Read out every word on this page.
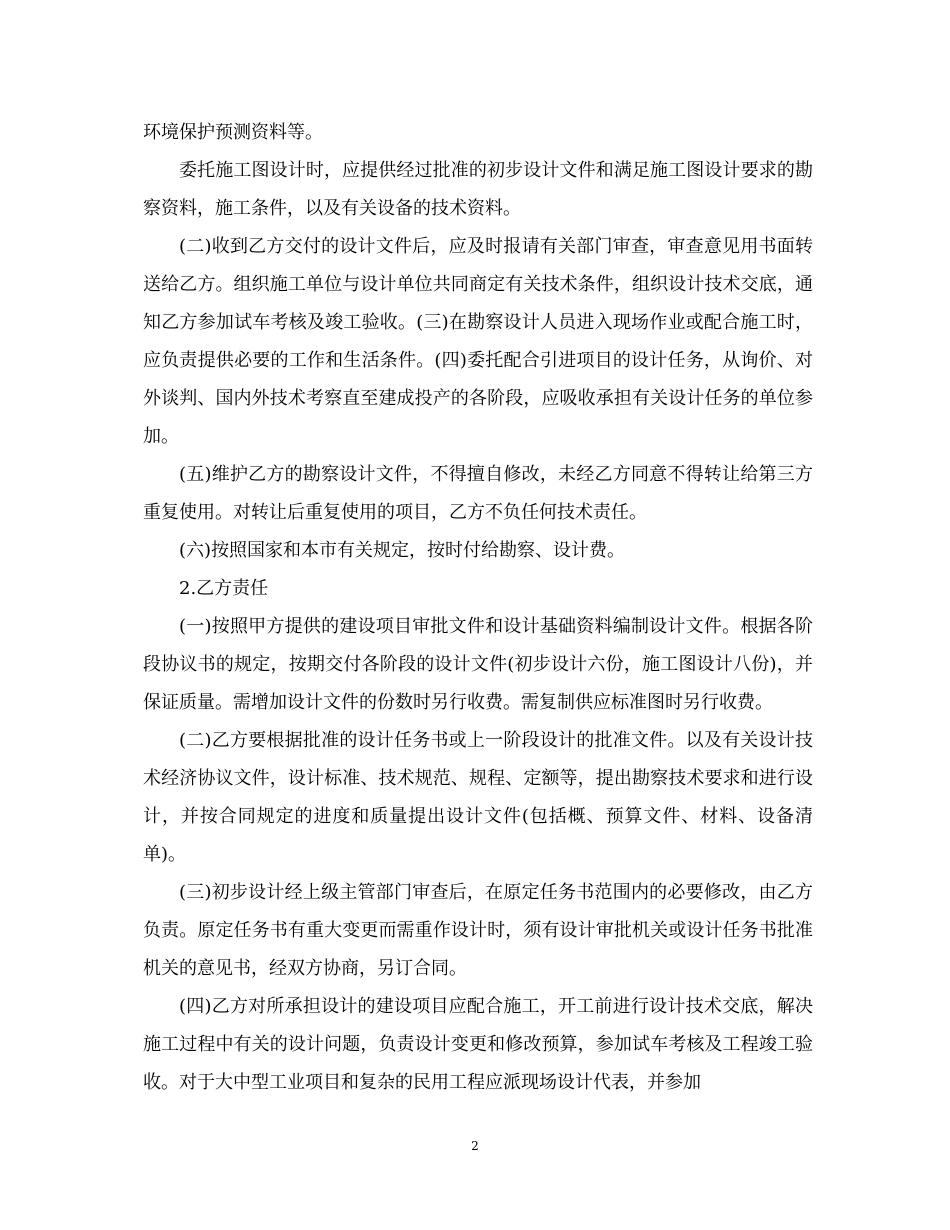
环境保护预测资料等。

委托施工图设计时，应提供经过批准的初步设计文件和满足施工图设计要求的勘察资料，施工条件，以及有关设备的技术资料。

(二)收到乙方交付的设计文件后，应及时报请有关部门审查，审查意见用书面转送给乙方。组织施工单位与设计单位共同商定有关技术条件，组织设计技术交底，通知乙方参加试车考核及竣工验收。(三)在勘察设计人员进入现场作业或配合施工时，应负责提供必要的工作和生活条件。(四)委托配合引进项目的设计任务，从询价、对外谈判、国内外技术考察直至建成投产的各阶段，应吸收承担有关设计任务的单位参加。

(五)维护乙方的勘察设计文件，不得擅自修改，未经乙方同意不得转让给第三方重复使用。对转让后重复使用的项目，乙方不负任何技术责任。

(六)按照国家和本市有关规定，按时付给勘察、设计费。

2.乙方责任

(一)按照甲方提供的建设项目审批文件和设计基础资料编制设计文件。根据各阶段协议书的规定，按期交付各阶段的设计文件(初步设计六份，施工图设计八份)，并保证质量。需增加设计文件的份数时另行收费。需复制供应标准图时另行收费。

(二)乙方要根据批准的设计任务书或上一阶段设计的批准文件。以及有关设计技术经济协议文件，设计标准、技术规范、规程、定额等，提出勘察技术要求和进行设计，并按合同规定的进度和质量提出设计文件(包括概、预算文件、材料、设备清单)。

(三)初步设计经上级主管部门审查后，在原定任务书范围内的必要修改，由乙方负责。原定任务书有重大变更而需重作设计时，须有设计审批机关或设计任务书批准机关的意见书，经双方协商，另订合同。

(四)乙方对所承担设计的建设项目应配合施工，开工前进行设计技术交底，解决施工过程中有关的设计问题，负责设计变更和修改预算，参加试车考核及工程竣工验收。对于大中型工业项目和复杂的民用工程应派现场设计代表，并参加

2
